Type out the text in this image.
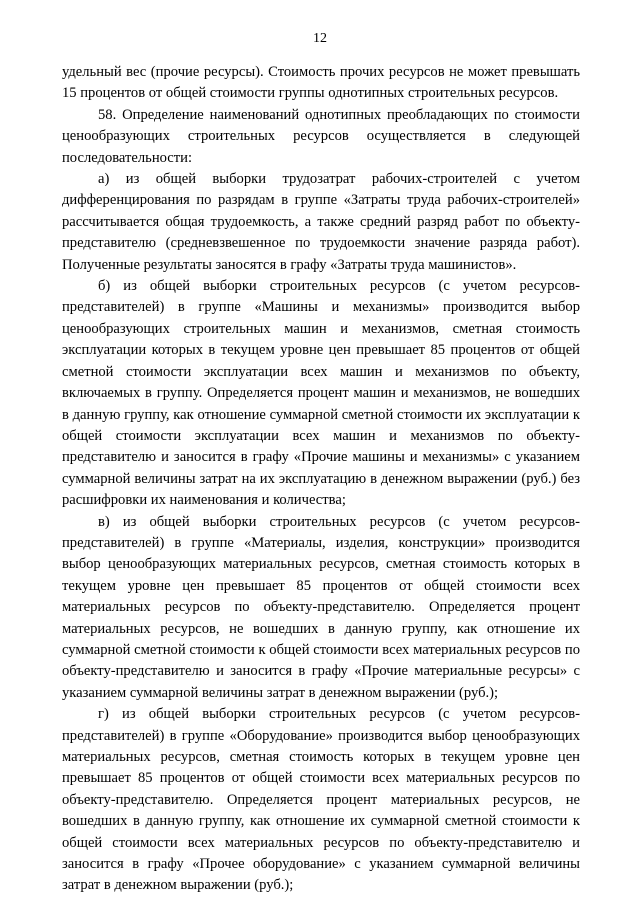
12

удельный вес (прочие ресурсы). Стоимость прочих ресурсов не может превышать 15 процентов от общей стоимости группы однотипных строительных ресурсов.

58. Определение наименований однотипных преобладающих по стоимости ценообразующих строительных ресурсов осуществляется в следующей последовательности:

а) из общей выборки трудозатрат рабочих-строителей с учетом дифференцирования по разрядам в группе «Затраты труда рабочих-строителей» рассчитывается общая трудоемкость, а также средний разряд работ по объекту-представителю (средневзвешенное по трудоемкости значение разряда работ). Полученные результаты заносятся в графу «Затраты труда машинистов».

б) из общей выборки строительных ресурсов (с учетом ресурсов-представителей) в группе «Машины и механизмы» производится выбор ценообразующих строительных машин и механизмов, сметная стоимость эксплуатации которых в текущем уровне цен превышает 85 процентов от общей сметной стоимости эксплуатации всех машин и механизмов по объекту, включаемых в группу. Определяется процент машин и механизмов, не вошедших в данную группу, как отношение суммарной сметной стоимости их эксплуатации к общей стоимости эксплуатации всех машин и механизмов по объекту-представителю и заносится в графу «Прочие машины и механизмы» с указанием суммарной величины затрат на их эксплуатацию в денежном выражении (руб.) без расшифровки их наименования и количества;

в) из общей выборки строительных ресурсов (с учетом ресурсов-представителей) в группе «Материалы, изделия, конструкции» производится выбор ценообразующих материальных ресурсов, сметная стоимость которых в текущем уровне цен превышает 85 процентов от общей стоимости всех материальных ресурсов по объекту-представителю. Определяется процент материальных ресурсов, не вошедших в данную группу, как отношение их суммарной сметной стоимости к общей стоимости всех материальных ресурсов по объекту-представителю и заносится в графу «Прочие материальные ресурсы» с указанием суммарной величины затрат в денежном выражении (руб.);

г) из общей выборки строительных ресурсов (с учетом ресурсов-представителей) в группе «Оборудование» производится выбор ценообразующих материальных ресурсов, сметная стоимость которых в текущем уровне цен превышает 85 процентов от общей стоимости всех материальных ресурсов по объекту-представителю. Определяется процент материальных ресурсов, не вошедших в данную группу, как отношение их суммарной сметной стоимости к общей стоимости всех материальных ресурсов по объекту-представителю и заносится в графу «Прочее оборудование» с указанием суммарной величины затрат в денежном выражении (руб.);
